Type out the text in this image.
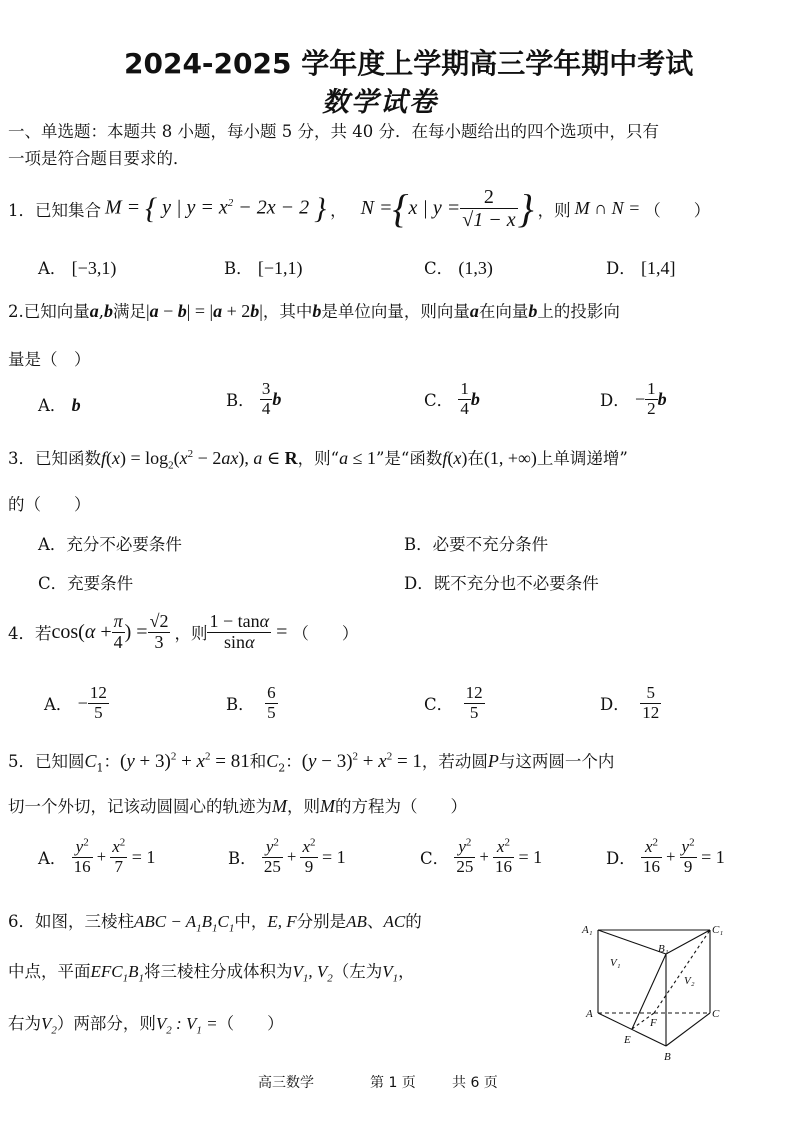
2024-2025 学年度上学期高三学年期中考试
数学试卷
一、单选题：本题共 8 小题，每小题 5 分，共 40 分．在每小题给出的四个选项中，只有
一项是符合题目要求的．
1．已知集合 M = { y | $y = x^2 - 2x - 2$ } ， N = { x | $y = \frac{2}{√1 - x}$ } ，则 M ∩ N = （　　）
A． [−3,1)	B． [−1,1)	C． (1,3)	D． [1,4]
2.已知向量a,b满足|a − b| = |a + 2b|，其中b是单位向量，则向量a在向量b上的投影向
量是（　）
A． b	B．
$\frac{3}{4}$ b	C．
$\frac{1}{4}$ b	D．
− $\frac{1}{2}$ b
3．已知函数$f(x) = \log_2(x^2 - 2ax)$, a ∈ R，则“a ≤ 1”是“函数f(x)在(1, +∞)上单调递增”
的（　　）
A．充分不必要条件	B．必要不充分条件
C．充要条件	D．既不充分也不必要条件
4．若 $\cos(\alpha + \frac{\pi}{4}$ ) = $\frac{√2}{3}$ ，则 $\frac{1 - \tan\alpha}{\sin\alpha}$ = （　　）
A．
− $\frac{12}{5}$	B．
$\frac{6}{5}$	C．
$\frac{12}{5}$	D．
$\frac{5}{12}$
5．已知圆$C_1$：$(y + 3)^2 + x^2 = 81$和$C_2$：$(y - 3)^2 + x^2 = 1$，若动圆P与这两圆一个内
切一个外切，记该动圆圆心的轨迹为M，则M的方程为（　　）
A．
$\frac{y^2}{16} + \frac{x^2}{7} = 1$	B．
$\frac{y^2}{25} + \frac{x^2}{9} = 1$	C．
$\frac{y^2}{25} + \frac{x^2}{16} = 1$	D．
$\frac{x^2}{16} + \frac{y^2}{9} = 1$
6．如图，三棱柱ABC − $A_1B_1C_1$中，E, F分别是AB、AC的
中点，平面$EFC_1B_1$将三棱柱分成体积为$V_1$, $V_2$（左为$V_1$，
右为$V_2$）两部分，则$V_2$ : $V_1$ =（　　）
A₁	C₁
B₁
V₁
V₂
A	C
F
E
B
高三数学	第 1 页	共 6 页
